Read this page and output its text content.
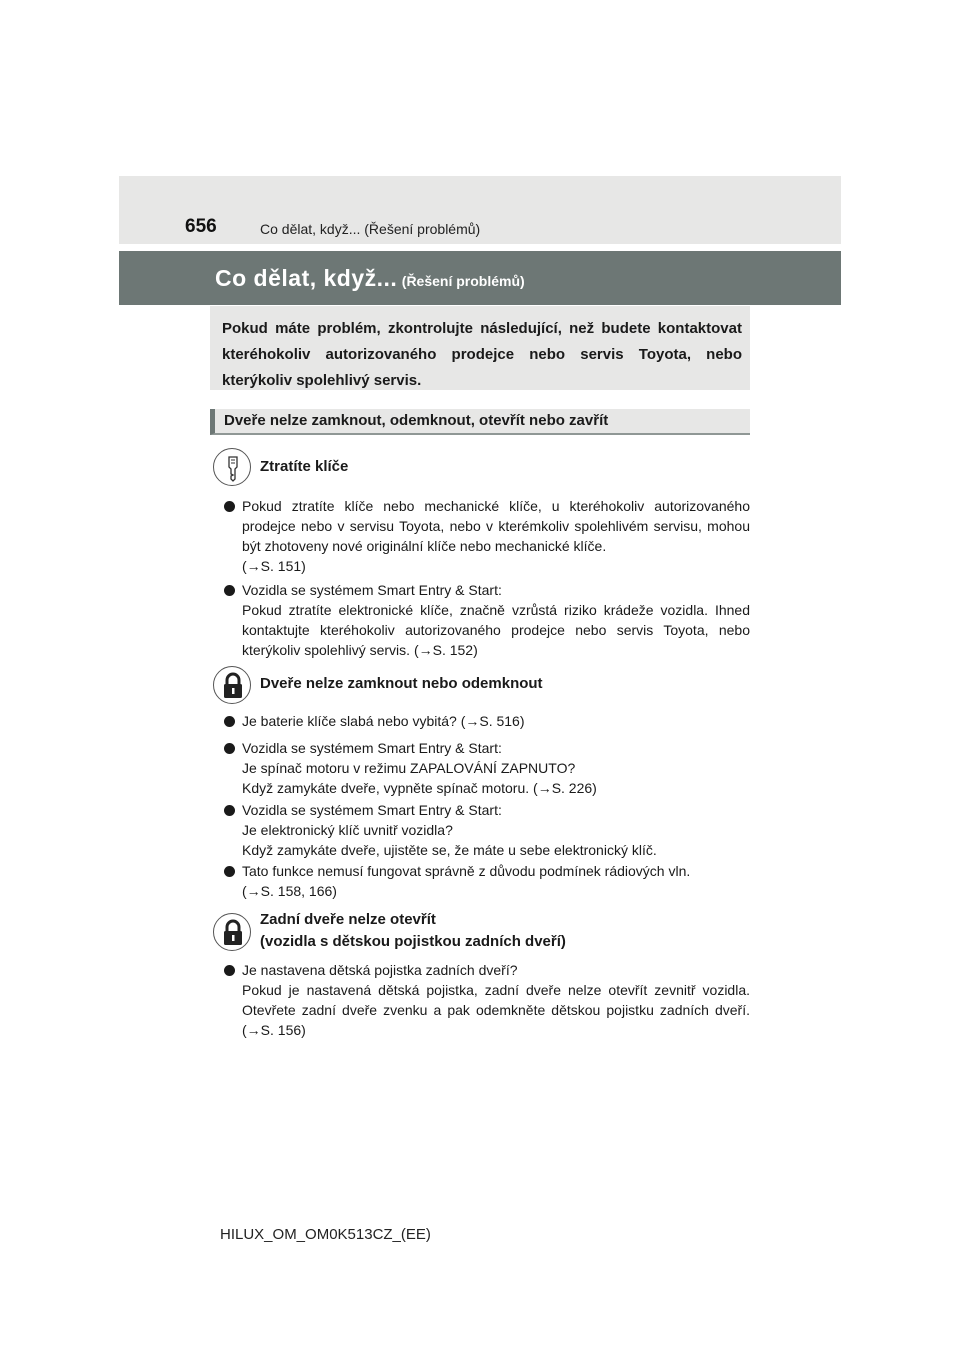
656	Co dělat, když... (Řešení problémů)
Co dělat, když... (Řešení problémů)
Pokud máte problém, zkontrolujte následující, než budete kontaktovat kteréhokoliv autorizovaného prodejce nebo servis Toyota, nebo kterýkoliv spolehlivý servis.
Dveře nelze zamknout, odemknout, otevřít nebo zavřít
Ztratíte klíče
Pokud ztratíte klíče nebo mechanické klíče, u kteréhokoliv autorizovaného prodejce nebo v servisu Toyota, nebo v kterémkoliv spolehlivém servisu, mohou být zhotoveny nové originální klíče nebo mechanické klíče.
(→S. 151)
Vozidla se systémem Smart Entry & Start:
Pokud ztratíte elektronické klíče, značně vzrůstá riziko krádeže vozidla. Ihned kontaktujte kteréhokoliv autorizovaného prodejce nebo servis Toyota, nebo kterýkoliv spolehlivý servis. (→S. 152)
Dveře nelze zamknout nebo odemknout
Je baterie klíče slabá nebo vybitá? (→S. 516)
Vozidla se systémem Smart Entry & Start:
Je spínač motoru v režimu ZAPALOVÁNÍ ZAPNUTO?
Když zamykáte dveře, vypněte spínač motoru. (→S. 226)
Vozidla se systémem Smart Entry & Start:
Je elektronický klíč uvnitř vozidla?
Když zamykáte dveře, ujistěte se, že máte u sebe elektronický klíč.
Tato funkce nemusí fungovat správně z důvodu podmínek rádiových vln.
(→S. 158, 166)
Zadní dveře nelze otevřít
(vozidla s dětskou pojistkou zadních dveří)
Je nastavena dětská pojistka zadních dveří?
Pokud je nastavená dětská pojistka, zadní dveře nelze otevřít zevnitř vozidla. Otevřete zadní dveře zvenku a pak odemkněte dětskou pojistku zadních dveří. (→S. 156)
HILUX_OM_OM0K513CZ_(EE)
